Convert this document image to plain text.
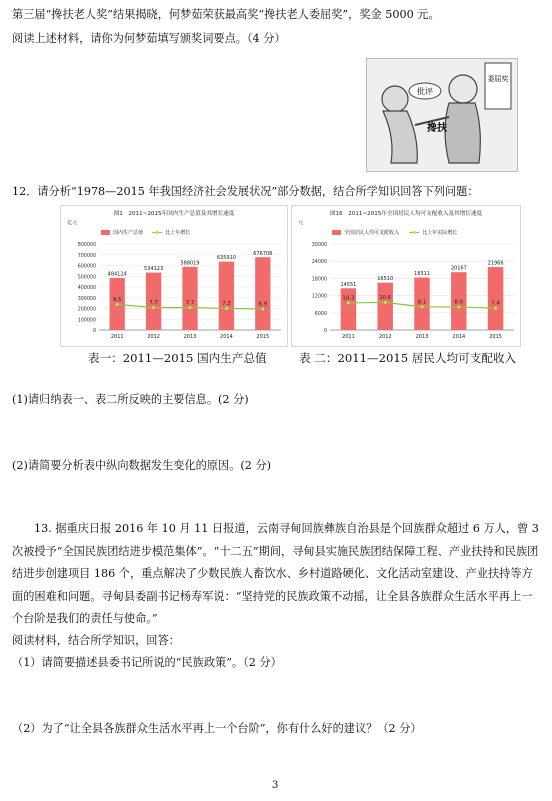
第三届“搀扶老人奖”结果揭晓，何梦茹荣获最高奖“搀扶老人委屈奖”，奖金 5000 元。
阅读上述材料，请你为何梦茹填写颁奖词要点。（4 分）
批评
搀扶
委屈奖
12．请分析“1978—2015 年我国经济社会发展状况”部分数据，结合所学知识回答下列问题：
图1　2011~2015年国内生产总值及其增长速度
亿元
0
100000
200000
300000
400000
500000
600000
700000
800000
国内生产总值	比上年增长
484124
2011
534123
2012
588019
2013
635910
2014
676708
2015
9.5
7.7	7.7	7.3	6.9
图16　2011~2015年全国居民人均可支配收入及其增长速度
元
0
6000
12000
18000
24000
30000
全国居民人均可支配收入	比上年实际增长
14551
2011
16510
2012
18311
2013
20167
2014
21966
2015
10.3	10.6
8.1	8.0	7.4
表一：2011—2015 国内生产总值	表 二：2011—2015 居民人均可支配收入
(1)请归纳表一、表二所反映的主要信息。(2 分)
(2)请简要分析表中纵向数据发生变化的原因。(2 分)
13. 据重庆日报 2016 年 10 月 11 日报道，云南寻甸回族彝族自治县是个回族群众超过 6 万人，曾 3 次被授予“全国民族团结进步模范集体”。“十二五”期间，寻甸县实施民族团结保障工程、产业扶持和民族团结进步创建项目 186 个，重点解决了少数民族人畜饮水、乡村道路硬化、文化活动室建设、产业扶持等方面的困难和问题。寻甸县委副书记杨寿军说：“坚持党的民族政策不动摇，让全县各族群众生活水平再上一个台阶是我们的责任与使命。”
阅读材料，结合所学知识，回答：
（1）请简要描述县委书记所说的“民族政策”。（2 分）
（2）为了“让全县各族群众生活水平再上一个台阶”，你有什么好的建议？（2 分）
3
